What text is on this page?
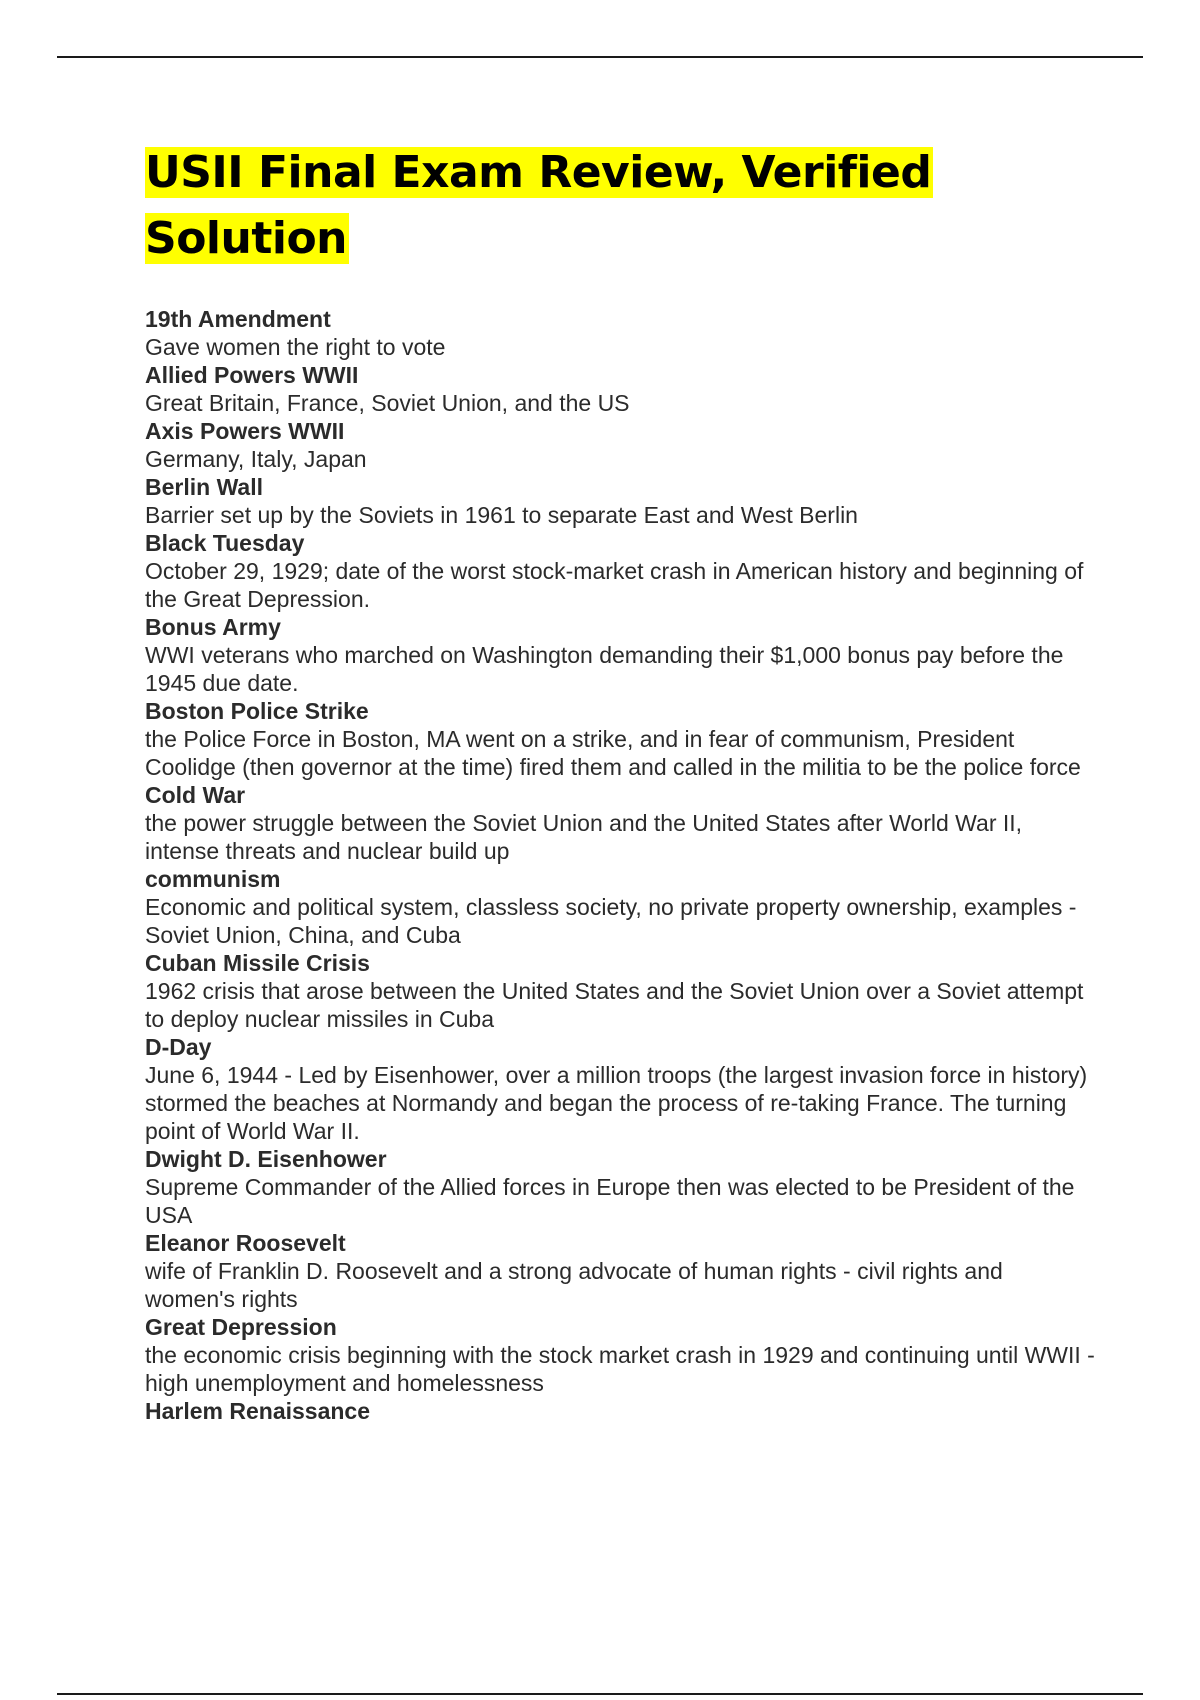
USII Final Exam Review, Verified Solution
19th Amendment
Gave women the right to vote
Allied Powers WWII
Great Britain, France, Soviet Union, and the US
Axis Powers WWII
Germany, Italy, Japan
Berlin Wall
Barrier set up by the Soviets in 1961 to separate East and West Berlin
Black Tuesday
October 29, 1929; date of the worst stock-market crash in American history and beginning of the Great Depression.
Bonus Army
WWI veterans who marched on Washington demanding their $1,000 bonus pay before the 1945 due date.
Boston Police Strike
the Police Force in Boston, MA went on a strike, and in fear of communism, President Coolidge (then governor at the time) fired them and called in the militia to be the police force
Cold War
the power struggle between the Soviet Union and the United States after World War II, intense threats and nuclear build up
communism
Economic and political system, classless society, no private property ownership, examples - Soviet Union, China, and Cuba
Cuban Missile Crisis
1962 crisis that arose between the United States and the Soviet Union over a Soviet attempt to deploy nuclear missiles in Cuba
D-Day
June 6, 1944 - Led by Eisenhower, over a million troops (the largest invasion force in history) stormed the beaches at Normandy and began the process of re-taking France. The turning point of World War II.
Dwight D. Eisenhower
Supreme Commander of the Allied forces in Europe then was elected to be President of the USA
Eleanor Roosevelt
wife of Franklin D. Roosevelt and a strong advocate of human rights - civil rights and women's rights
Great Depression
the economic crisis beginning with the stock market crash in 1929 and continuing until WWII - high unemployment and homelessness
Harlem Renaissance
